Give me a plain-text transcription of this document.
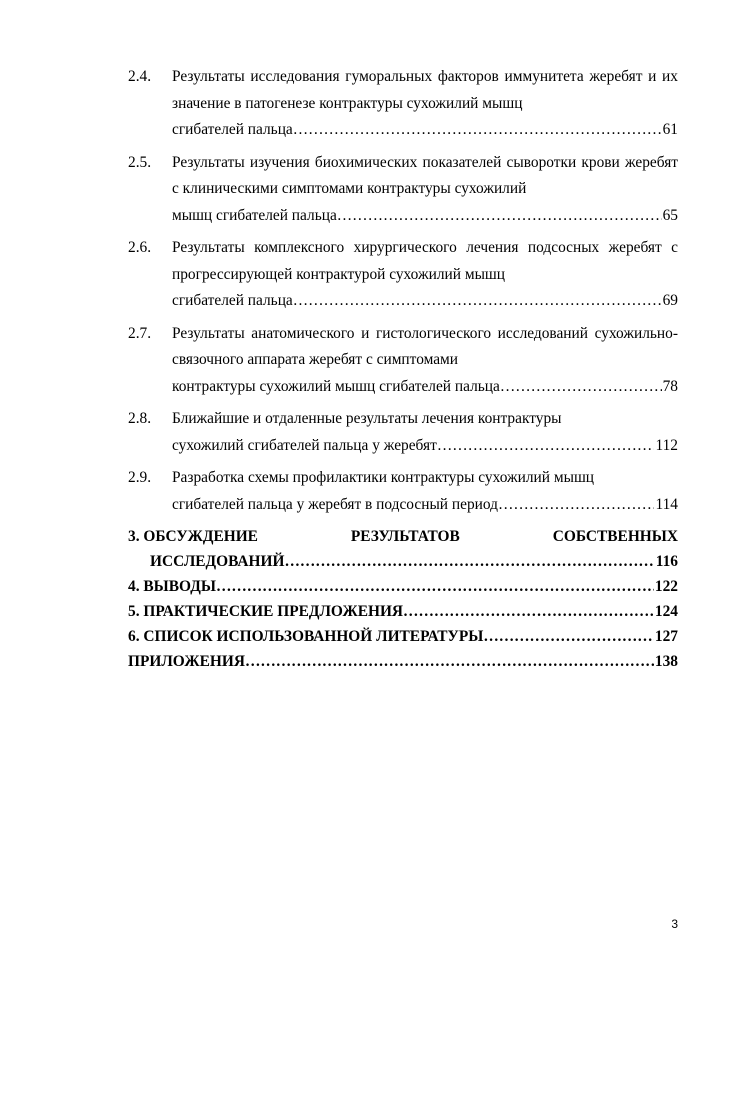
2.4. Результаты исследования гуморальных факторов иммунитета жеребят и их значение в патогенезе контрактуры сухожилий мышц
сгибателей пальца ……………………………………………………………………………………………………………………………………………………	61
2.5. Результаты изучения биохимических показателей сыворотки крови жеребят с клиническими симптомами контрактуры сухожилий
мышц сгибателей пальца ……………………………………………………………………………………………………………………………………………………	65
2.6. Результаты комплексного хирургического лечения подсосных жеребят с прогрессирующей контрактурой сухожилий мышц
сгибателей пальца ……………………………………………………………………………………………………………………………………………………	69
2.7. Результаты анатомического и гистологического исследований сухожильно-связочного аппарата жеребят с симптомами
контрактуры сухожилий мышц сгибателей пальца ……………………………………………………………………………………………………………………………………………………	78
2.8. Ближайшие и отдаленные результаты лечения контрактуры
сухожилий сгибателей пальца у жеребят ……………………………………………………………………………………………………………………………………………………	112
2.9. Разработка схемы профилактики контрактуры сухожилий мышц
сгибателей пальца у жеребят в подсосный период ……………………………………………………………………………………………………………………………………………………	114
3. ОБСУЖДЕНИЕ	РЕЗУЛЬТАТОВ	СОБСТВЕННЫХ
ИССЛЕДОВАНИЙ ……………………………………………………………………………………………………………………………………………………	116
4. ВЫВОДЫ ……………………………………………………………………………………………………………………………………………………	122
5. ПРАКТИЧЕСКИЕ ПРЕДЛОЖЕНИЯ ……………………………………………………………………………………………………………………………………………………	124
6. СПИСОК ИСПОЛЬЗОВАННОЙ ЛИТЕРАТУРЫ ……………………………………………………………………………………………………………………………………………………	127
ПРИЛОЖЕНИЯ ……………………………………………………………………………………………………………………………………………………	138
3
